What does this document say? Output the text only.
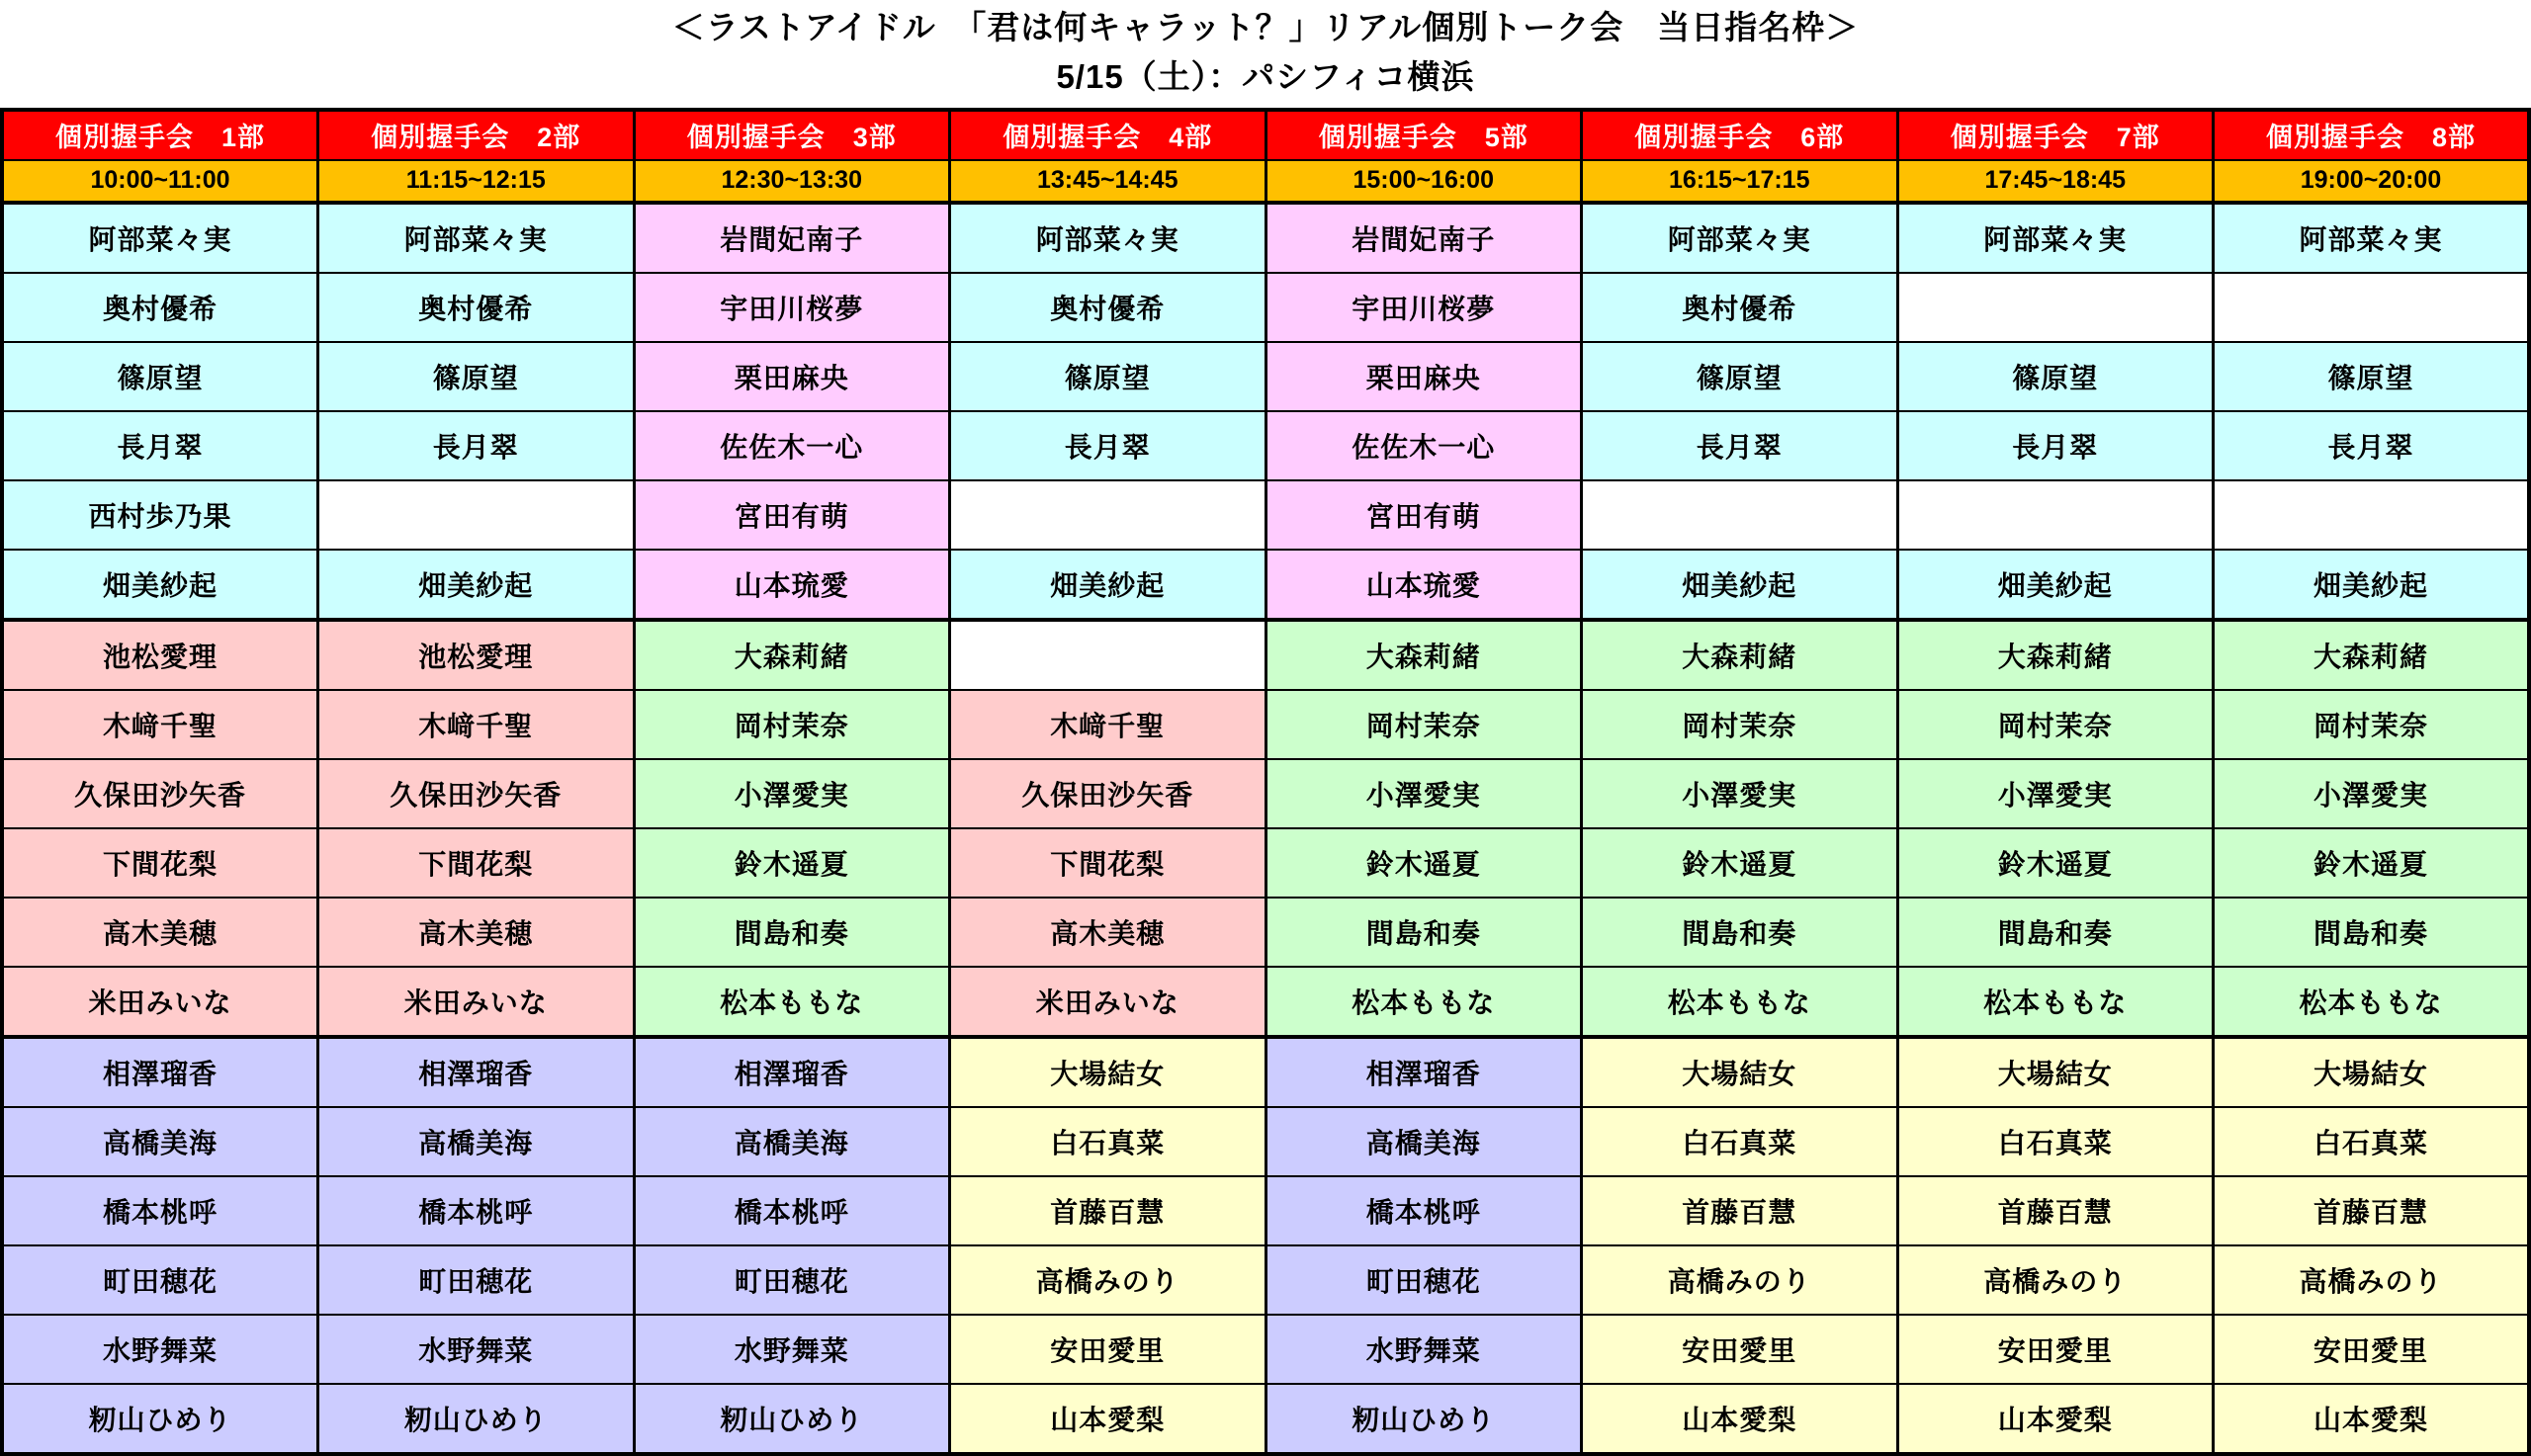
＜ラストアイドル　「君は何キャラット？」リアル個別トーク会　当日指名枠＞
5/15（土）：パシフィコ横浜
個別握手会　1部	個別握手会　2部	個別握手会　3部	個別握手会　4部	個別握手会　5部	個別握手会　6部	個別握手会　7部	個別握手会　8部
10:00~11:00	11:15~12:15	12:30~13:30	13:45~14:45	15:00~16:00	16:15~17:15	17:45~18:45	19:00~20:00
阿部菜々実	阿部菜々実	岩間妃南子	阿部菜々実	岩間妃南子	阿部菜々実	阿部菜々実	阿部菜々実
奥村優希	奥村優希	宇田川桜夢	奥村優希	宇田川桜夢	奥村優希		
篠原望	篠原望	栗田麻央	篠原望	栗田麻央	篠原望	篠原望	篠原望
長月翠	長月翠	佐佐木一心	長月翠	佐佐木一心	長月翠	長月翠	長月翠
西村歩乃果		宮田有萌		宮田有萌			
畑美紗起	畑美紗起	山本琉愛	畑美紗起	山本琉愛	畑美紗起	畑美紗起	畑美紗起
池松愛理	池松愛理	大森莉緒		大森莉緒	大森莉緒	大森莉緒	大森莉緒
木﨑千聖	木﨑千聖	岡村茉奈	木﨑千聖	岡村茉奈	岡村茉奈	岡村茉奈	岡村茉奈
久保田沙矢香	久保田沙矢香	小澤愛実	久保田沙矢香	小澤愛実	小澤愛実	小澤愛実	小澤愛実
下間花梨	下間花梨	鈴木遥夏	下間花梨	鈴木遥夏	鈴木遥夏	鈴木遥夏	鈴木遥夏
高木美穂	高木美穂	間島和奏	高木美穂	間島和奏	間島和奏	間島和奏	間島和奏
米田みいな	米田みいな	松本ももな	米田みいな	松本ももな	松本ももな	松本ももな	松本ももな
相澤瑠香	相澤瑠香	相澤瑠香	大場結女	相澤瑠香	大場結女	大場結女	大場結女
高橋美海	高橋美海	高橋美海	白石真菜	高橋美海	白石真菜	白石真菜	白石真菜
橋本桃呼	橋本桃呼	橋本桃呼	首藤百慧	橋本桃呼	首藤百慧	首藤百慧	首藤百慧
町田穂花	町田穂花	町田穂花	高橋みのり	町田穂花	高橋みのり	高橋みのり	高橋みのり
水野舞菜	水野舞菜	水野舞菜	安田愛里	水野舞菜	安田愛里	安田愛里	安田愛里
籾山ひめり	籾山ひめり	籾山ひめり	山本愛梨	籾山ひめり	山本愛梨	山本愛梨	山本愛梨
